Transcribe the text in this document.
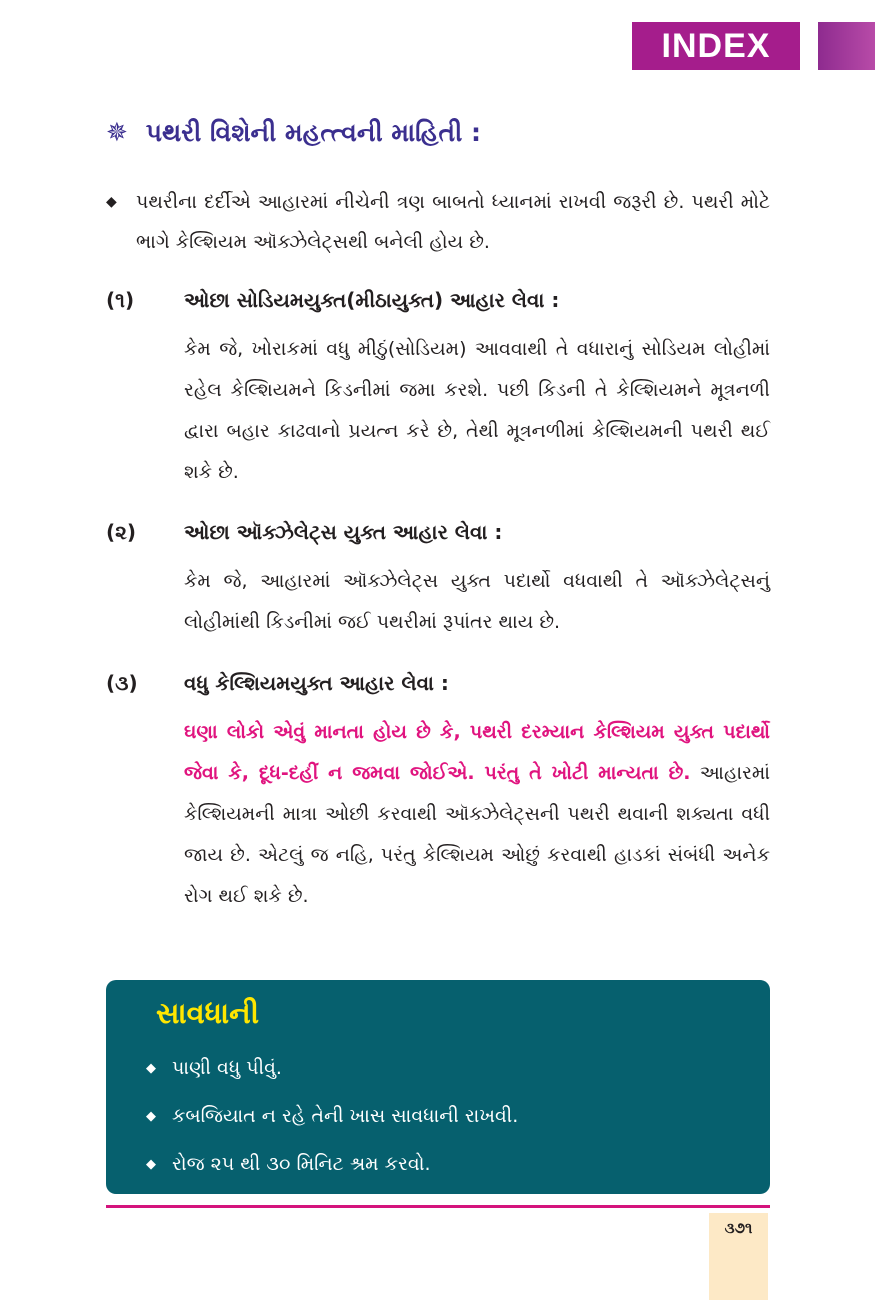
INDEX
✵ પથરી વિશેની મહત્ત્વની માહિતી :
◆	પથરીના દર્દીએ આહારમાં નીચેની ત્રણ બાબતો ધ્યાનમાં રાખવી જરૂરી છે. પથરી મોટે ભાગે કેલ્શિયમ ઑક્ઝેલેટ્સથી બનેલી હોય છે.
(૧)	ઓછા સોડિયમયુક્ત(મીઠાયુક્ત) આહાર લેવા :
કેમ જે, ખોરાકમાં વધુ મીઠું(સોડિયમ) આવવાથી તે વધારાનું સોડિયમ લોહીમાં રહેલ કેલ્શિયમને કિડનીમાં જમા કરશે. પછી કિડની તે કેલ્શિયમને મૂત્રનળી દ્વારા બહાર કાઢવાનો પ્રયત્ન કરે છે, તેથી મૂત્રનળીમાં કેલ્શિયમની પથરી થઈ શકે છે.
(૨)	ઓછા ઑક્ઝેલેટ્સ યુક્ત આહાર લેવા :
કેમ જે, આહારમાં ઑક્ઝેલેટ્સ યુક્ત પદાર્થો વધવાથી તે ઑક્ઝેલેટ્સનું લોહીમાંથી કિડનીમાં જઈ પથરીમાં રૂપાંતર થાય છે.
(૩)	વધુ કેલ્શિયમયુક્ત આહાર લેવા :
ઘણા લોકો એવું માનતા હોય છે કે, પથરી દરમ્યાન કેલ્શિયમ યુક્ત પદાર્થો જેવા કે, દૂધ-દહીં ન જમવા જોઈએ. પરંતુ તે ખોટી માન્યતા છે. આહારમાં કેલ્શિયમની માત્રા ઓછી કરવાથી ઑક્ઝેલેટ્સની પથરી થવાની શક્યતા વધી જાય છે. એટલું જ નહિ, પરંતુ કેલ્શિયમ ઓછું કરવાથી હાડકાં સંબંધી અનેક રોગ થઈ શકે છે.
સાવધાની
◆ પાણી વધુ પીવું.
◆ કબજિયાત ન રહે તેની ખાસ સાવધાની રાખવી.
◆ રોજ ૨૫ થી ૩૦ મિનિટ શ્રમ કરવો.
૩૭૧
